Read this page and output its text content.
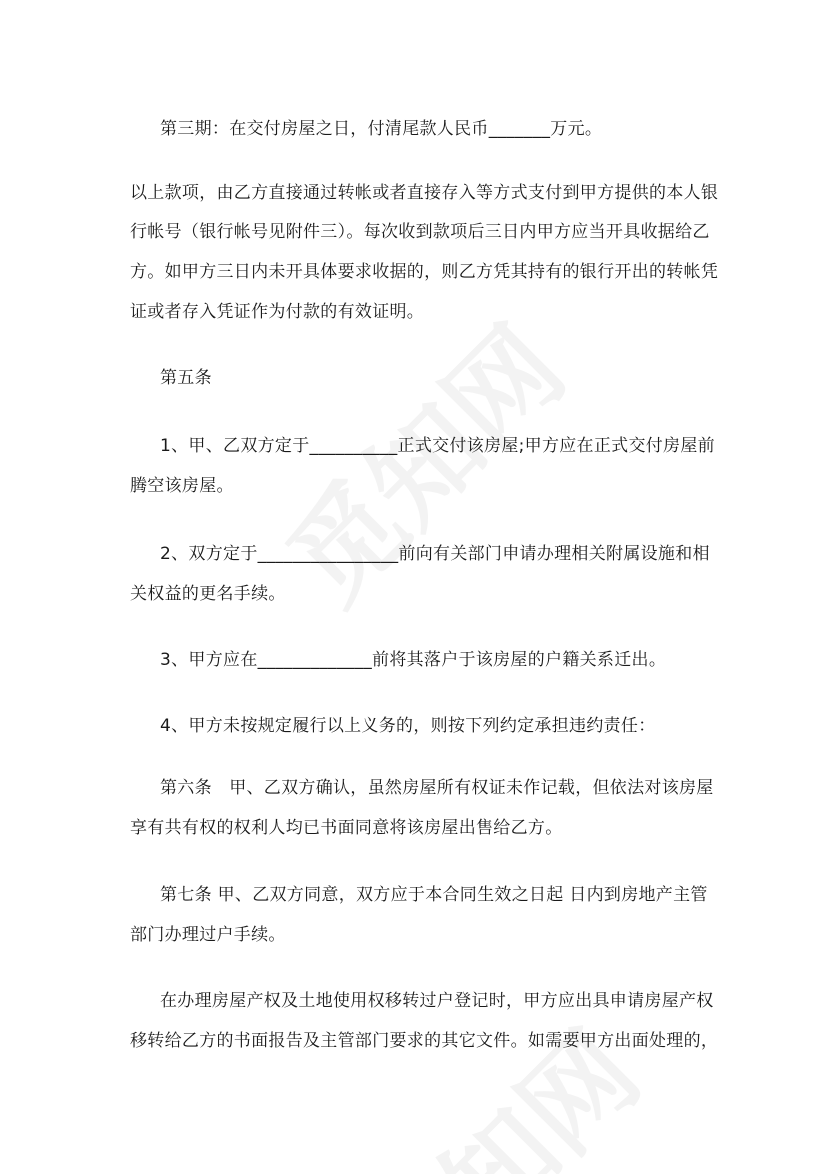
第三期：在交付房屋之日，付清尾款人民币_______万元。
以上款项，由乙方直接通过转帐或者直接存入等方式支付到甲方提供的本人银
行帐号（银行帐号见附件三）。每次收到款项后三日内甲方应当开具收据给乙
方。如甲方三日内未开具体要求收据的，则乙方凭其持有的银行开出的转帐凭
证或者存入凭证作为付款的有效证明。
第五条
1、甲、乙双方定于__________正式交付该房屋;甲方应在正式交付房屋前
腾空该房屋。
2、双方定于________________前向有关部门申请办理相关附属设施和相
关权益的更名手续。
3、甲方应在_____________前将其落户于该房屋的户籍关系迁出。
4、甲方未按规定履行以上义务的，则按下列约定承担违约责任：
第六条　甲、乙双方确认，虽然房屋所有权证未作记载，但依法对该房屋
享有共有权的权利人均已书面同意将该房屋出售给乙方。
第七条 甲、乙双方同意，双方应于本合同生效之日起 日内到房地产主管
部门办理过户手续。
在办理房屋产权及土地使用权移转过户登记时，甲方应出具申请房屋产权
移转给乙方的书面报告及主管部门要求的其它文件。如需要甲方出面处理的，
